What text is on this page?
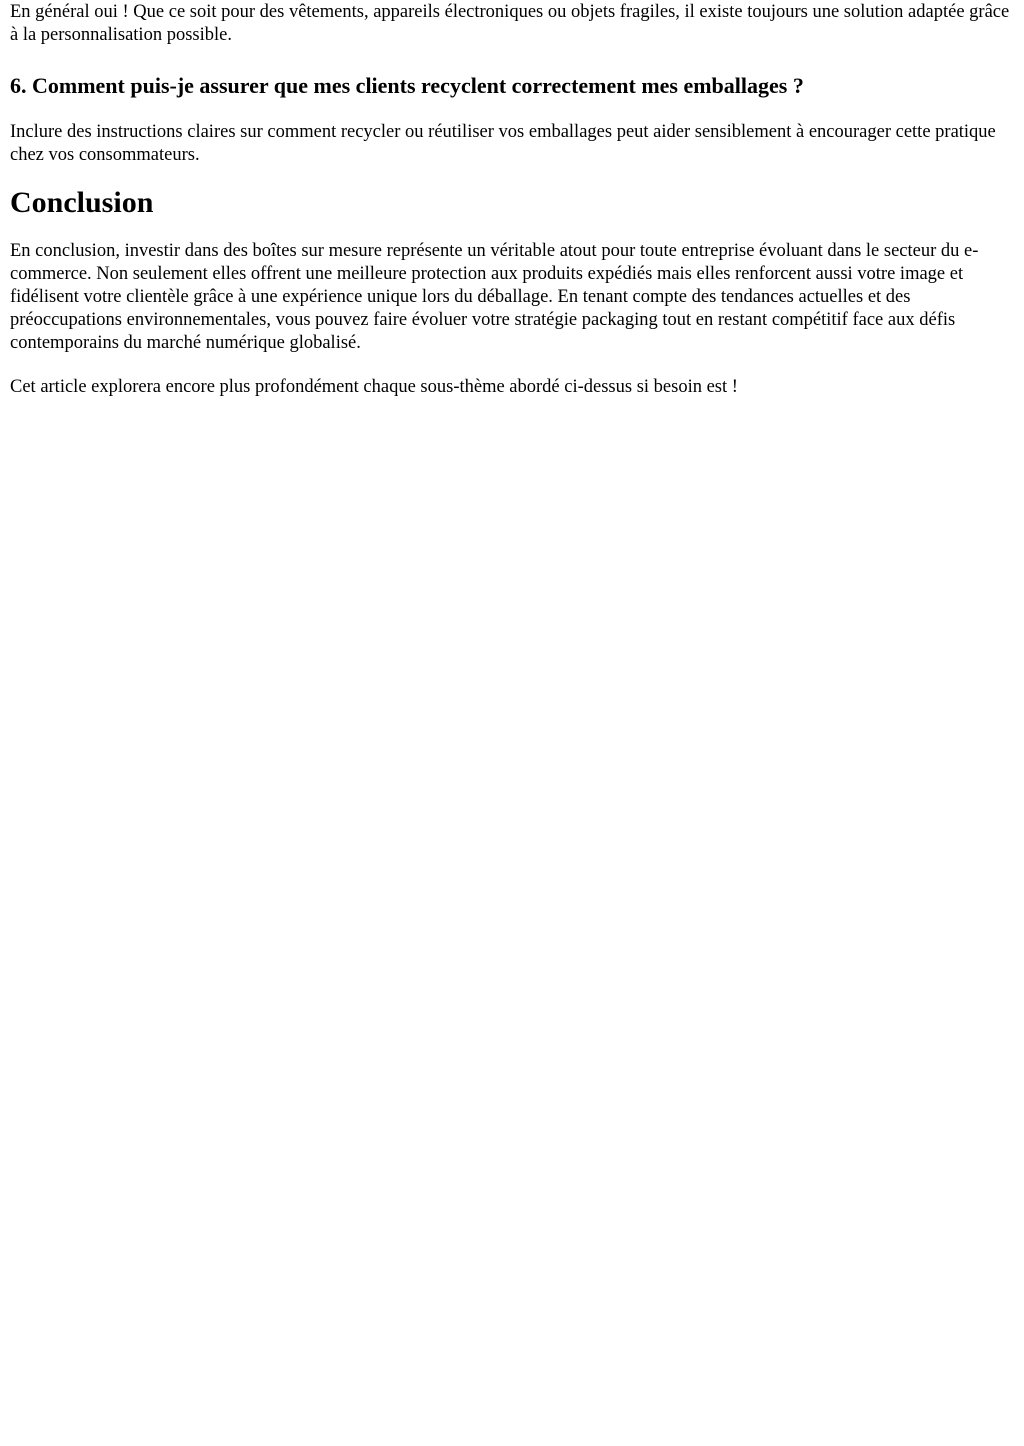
En général oui ! Que ce soit pour des vêtements, appareils électroniques ou objets fragiles, il existe toujours une solution adaptée grâce à la personnalisation possible.

6. Comment puis-je assurer que mes clients recyclent correctement mes emballages ?

Inclure des instructions claires sur comment recycler ou réutiliser vos emballages peut aider sensiblement à encourager cette pratique chez vos consommateurs.

Conclusion

En conclusion, investir dans des boîtes sur mesure représente un véritable atout pour toute entreprise évoluant dans le secteur du e-commerce. Non seulement elles offrent une meilleure protection aux produits expédiés mais elles renforcent aussi votre image et fidélisent votre clientèle grâce à une expérience unique lors du déballage. En tenant compte des tendances actuelles et des préoccupations environnementales, vous pouvez faire évoluer votre stratégie packaging tout en restant compétitif face aux défis contemporains du marché numérique globalisé.

Cet article explorera encore plus profondément chaque sous-thème abordé ci-dessus si besoin est !
